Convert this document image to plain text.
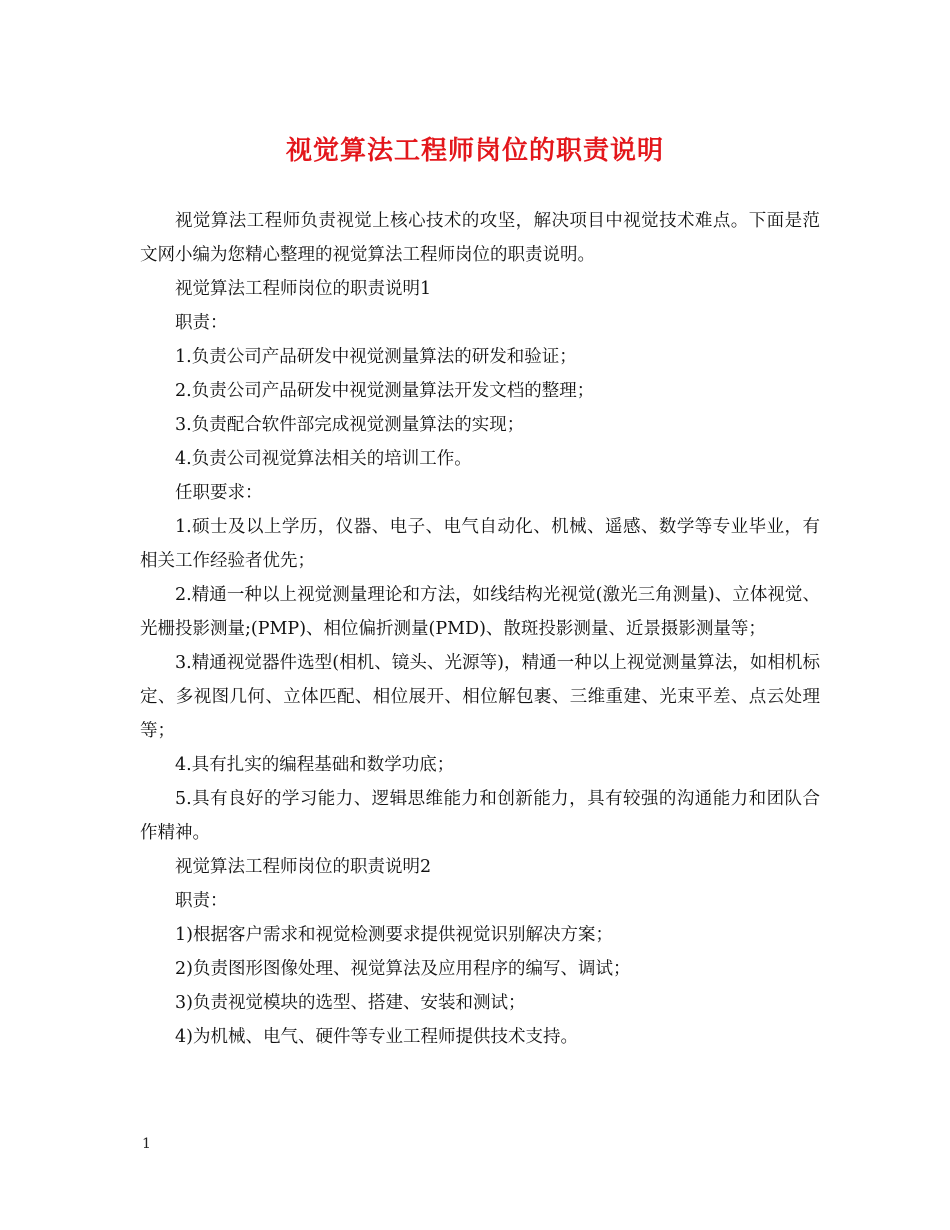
视觉算法工程师岗位的职责说明

视觉算法工程师负责视觉上核心技术的攻坚，解决项目中视觉技术难点。下面是范文网小编为您精心整理的视觉算法工程师岗位的职责说明。

视觉算法工程师岗位的职责说明1

职责：

1.负责公司产品研发中视觉测量算法的研发和验证；

2.负责公司产品研发中视觉测量算法开发文档的整理；

3.负责配合软件部完成视觉测量算法的实现；

4.负责公司视觉算法相关的培训工作。

任职要求：

1.硕士及以上学历，仪器、电子、电气自动化、机械、遥感、数学等专业毕业，有相关工作经验者优先；

2.精通一种以上视觉测量理论和方法，如线结构光视觉(激光三角测量)、立体视觉、光栅投影测量;(PMP)、相位偏折测量(PMD)、散斑投影测量、近景摄影测量等；

3.精通视觉器件选型(相机、镜头、光源等)，精通一种以上视觉测量算法，如相机标定、多视图几何、立体匹配、相位展开、相位解包裹、三维重建、光束平差、点云处理等；

4.具有扎实的编程基础和数学功底；

5.具有良好的学习能力、逻辑思维能力和创新能力，具有较强的沟通能力和团队合作精神。

视觉算法工程师岗位的职责说明2

职责：

1)根据客户需求和视觉检测要求提供视觉识别解决方案；

2)负责图形图像处理、视觉算法及应用程序的编写、调试；

3)负责视觉模块的选型、搭建、安装和测试；

4)为机械、电气、硬件等专业工程师提供技术支持。

1
